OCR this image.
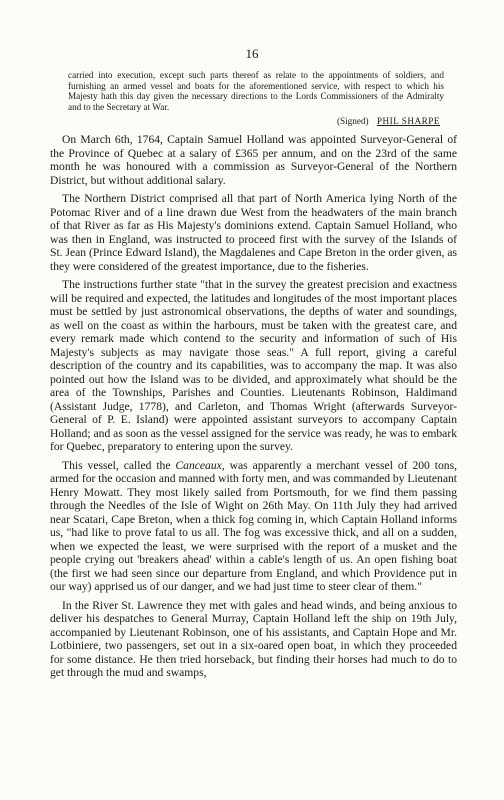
16

carried into execution, except such parts thereof as relate to the appointments of soldiers, and furnishing an armed vessel and boats for the aforementioned service, with respect to which his Majesty hath this day given the necessary directions to the Lords Commissioners of the Admiralty and to the Secretary at War.

(Signed) PHIL SHARPE

On March 6th, 1764, Captain Samuel Holland was appointed Surveyor-General of the Province of Quebec at a salary of £365 per annum, and on the 23rd of the same month he was honoured with a commission as Surveyor-General of the Northern District, but without additional salary.

The Northern District comprised all that part of North America lying North of the Potomac River and of a line drawn due West from the headwaters of the main branch of that River as far as His Majesty's dominions extend. Captain Samuel Holland, who was then in England, was instructed to proceed first with the survey of the Islands of St. Jean (Prince Edward Island), the Magdalenes and Cape Breton in the order given, as they were considered of the greatest importance, due to the fisheries.

The instructions further state "that in the survey the greatest precision and exactness will be required and expected, the latitudes and longitudes of the most important places must be settled by just astronomical observations, the depths of water and soundings, as well on the coast as within the harbours, must be taken with the greatest care, and every remark made which contend to the security and information of such of His Majesty's subjects as may navigate those seas." A full report, giving a careful description of the country and its capabilities, was to accompany the map. It was also pointed out how the Island was to be divided, and approximately what should be the area of the Townships, Parishes and Counties. Lieutenants Robinson, Haldimand (Assistant Judge, 1778), and Carleton, and Thomas Wright (afterwards Surveyor-General of P. E. Island) were appointed assistant surveyors to accompany Captain Holland; and as soon as the vessel assigned for the service was ready, he was to embark for Quebec, preparatory to entering upon the survey.

This vessel, called the Canceaux, was apparently a merchant vessel of 200 tons, armed for the occasion and manned with forty men, and was commanded by Lieutenant Henry Mowatt. They most likely sailed from Portsmouth, for we find them passing through the Needles of the Isle of Wight on 26th May. On 11th July they had arrived near Scatari, Cape Breton, when a thick fog coming in, which Captain Holland informs us, "had like to prove fatal to us all. The fog was excessive thick, and all on a sudden, when we expected the least, we were surprised with the report of a musket and the people crying out 'breakers ahead' within a cable's length of us. An open fishing boat (the first we had seen since our departure from England, and which Providence put in our way) apprised us of our danger, and we had just time to steer clear of them."

In the River St. Lawrence they met with gales and head winds, and being anxious to deliver his despatches to General Murray, Captain Holland left the ship on 19th July, accompanied by Lieutenant Robinson, one of his assistants, and Captain Hope and Mr. Lotbiniere, two passengers, set out in a six-oared open boat, in which they proceeded for some distance. He then tried horseback, but finding their horses had much to do to get through the mud and swamps,
